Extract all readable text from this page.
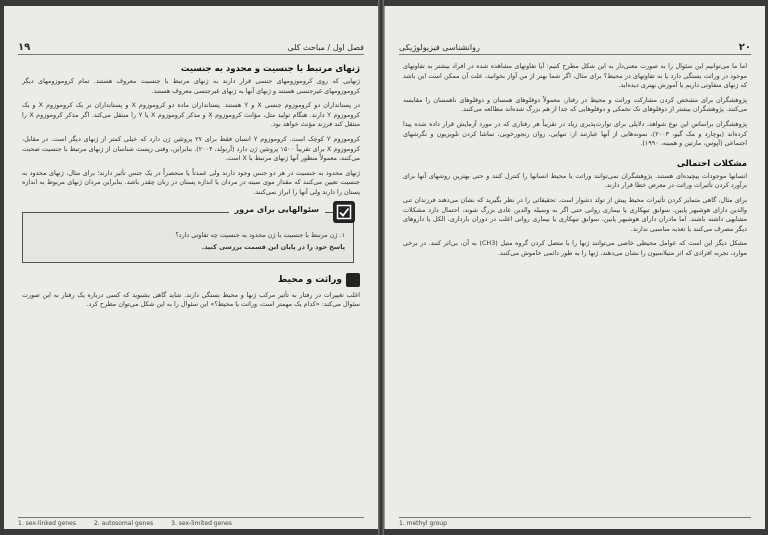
۱۹	فصل اول / مباحث کلی
ژنهای مرتبط با جنسیت و محدود به جنسیت

ژنهایی که روی کروموزومهای جنسی قرار دارند به ژنهای مرتبط با جنسیت معروف هستند. تمام کروموزومهای دیگر کروموزومهای غیرجنسی هستند و ژنهای آنها به ژنهای غیرجنسی معروف هستند.

در پستانداران دو کروموزوم جنسی X و Y هستند. پستانداران ماده دو کروموزوم X و پستانداران نر یک کروموزوم X و یک کروموزوم Y دارند. هنگام تولید مثل، مؤانث کروموزوم X و مذکر کروموزوم X یا Y را منتقل می‌کند. اگر مذکر کروموزوم X را منتقل کند فرزند مؤنث خواهد بود.

کروموزوم Y کوچک است. کروموزوم Y انسان فقط برای ۲۷ پروتئین ژن دارد که خیلی کمتر از ژنهای دیگر است. در مقابل، کروموزوم X برای تقریباً ۱۵۰۰ پروتئین ژن دارد (آرنولد، ۲۰۰۴). بنابراین، وقتی زیست شناسان از ژنهای مرتبط با جنسیت صحبت می‌کنند، معمولاً منظور آنها ژنهای مرتبط با X است.

ژنهای محدود به جنسیت در هر دو جنس وجود دارند ولی عمدتاً یا منحصراً در یک جنس تأثیر دارند؛ برای مثال، ژنهای محدود به جنسیت تعیین می‌کنند که مقدار موی سینه در مردان یا اندازه پستان در زنان چقدر باشد. بنابراین مردان ژنهای مربوط به اندازه پستان را دارند ولی آنها را ابراز نمی‌کنند.

سئوالهایی برای مرور

۱. ژن مرتبط با جنسیت با ژن محدود به جنسیت چه تفاوتی دارد؟

پاسخ خود را در پایان این قسمت بررسی کنید.

وراثت و محیط

اغلب تغییرات در رفتار به تأثیر مرکب ژنها و محیط بستگی دارند. شاید گاهی بشنوید که کسی درباره یک رفتار به این صورت سئوال می‌کند: «کدام یک مهمتر است، وراثت یا محیط؟» این سئوال را به این شکل می‌توان مطرح کرد.

1. sex-linked genes	2. autosomal genes	3. sex-limited genes
۲۰
روانشناسی فیزیولوژیکی

اما ما می‌توانیم این سئوال را به صورت معنی‌دار به این شکل مطرح کنیم: آیا تفاوتهای مشاهده شده در افراد بیشتر به تفاوتهای موجود در وراثت بستگی دارد یا به تفاوتهای در محیط؟ برای مثال، اگر شما بهتر از من آواز بخوانید، علت آن ممکن است این باشد که ژنهای متفاوتی داریم یا آموزش بهتری دیده‌اید.

پژوهشگران برای مشخص کردن مشارکت وراثت و محیط در رفتار، معمولاً دوقلوهای همسان و دوقلوهای ناهمسان را مقایسه می‌کنند. پژوهشگران بیشتر از دوقلوهای تک تخمکی و دوقلوهایی که جدا از هم بزرگ شده‌اند مطالعه می‌کنند.

پژوهشگران براساس این نوع شواهد، دلایلی برای توارث‌پذیری زیاد در تقریباً هر رفتاری که در مورد آزمایش قرار داده شده پیدا کرده‌اند (بوچارد و مک گیو، ۲۰۰۳)، نمونه‌هایی از آنها عبارتند از: تنهایی، روان رنجورخویی، تماشا کردن تلویزیون و نگرشهای اجتماعی (آپوس، مارتین و همینه، ۱۹۹۰).

مشکلات احتمالی

انسانها موجودات پیچیده‌ای هستند. پژوهشگران نمی‌توانند وراثت یا محیط انسانها را کنترل کنند و حتی بهترین روشهای آنها برای برآورد کردن تأثیرات وراثت در معرض خطا قرار دارند.

برای مثال، گاهی متمایز کردن تأثیرات محیط پیش از تولد دشوار است. تحقیقاتی را در نظر بگیرید که نشان می‌دهند فرزندان تنی والدین دارای هوشبهر پایین، سوابق تبهکاری یا بیماری روانی حتی اگر به وسیله والدین عادی بزرگ شوند، احتمال دارد مشکلات مشابهی داشته باشند. اما مادران دارای هوشبهر پایین، سوابق تبهکاری یا بیماری روانی اغلب در دوران بارداری، الکل یا داروهای دیگر مصرف می‌کنند یا تغذیه مناسبی ندارند.

مشکل دیگر این است که عوامل محیطی خاصی می‌توانند ژنها را با متصل کردن گروه متیل (CH3) به آن، بی‌اثر کنند. در برخی موارد، تجربه افرادی که اثر متیلاسیون را نشان می‌دهند، ژنها را به طور دائمی خاموش می‌کنند.

1. methyl group
